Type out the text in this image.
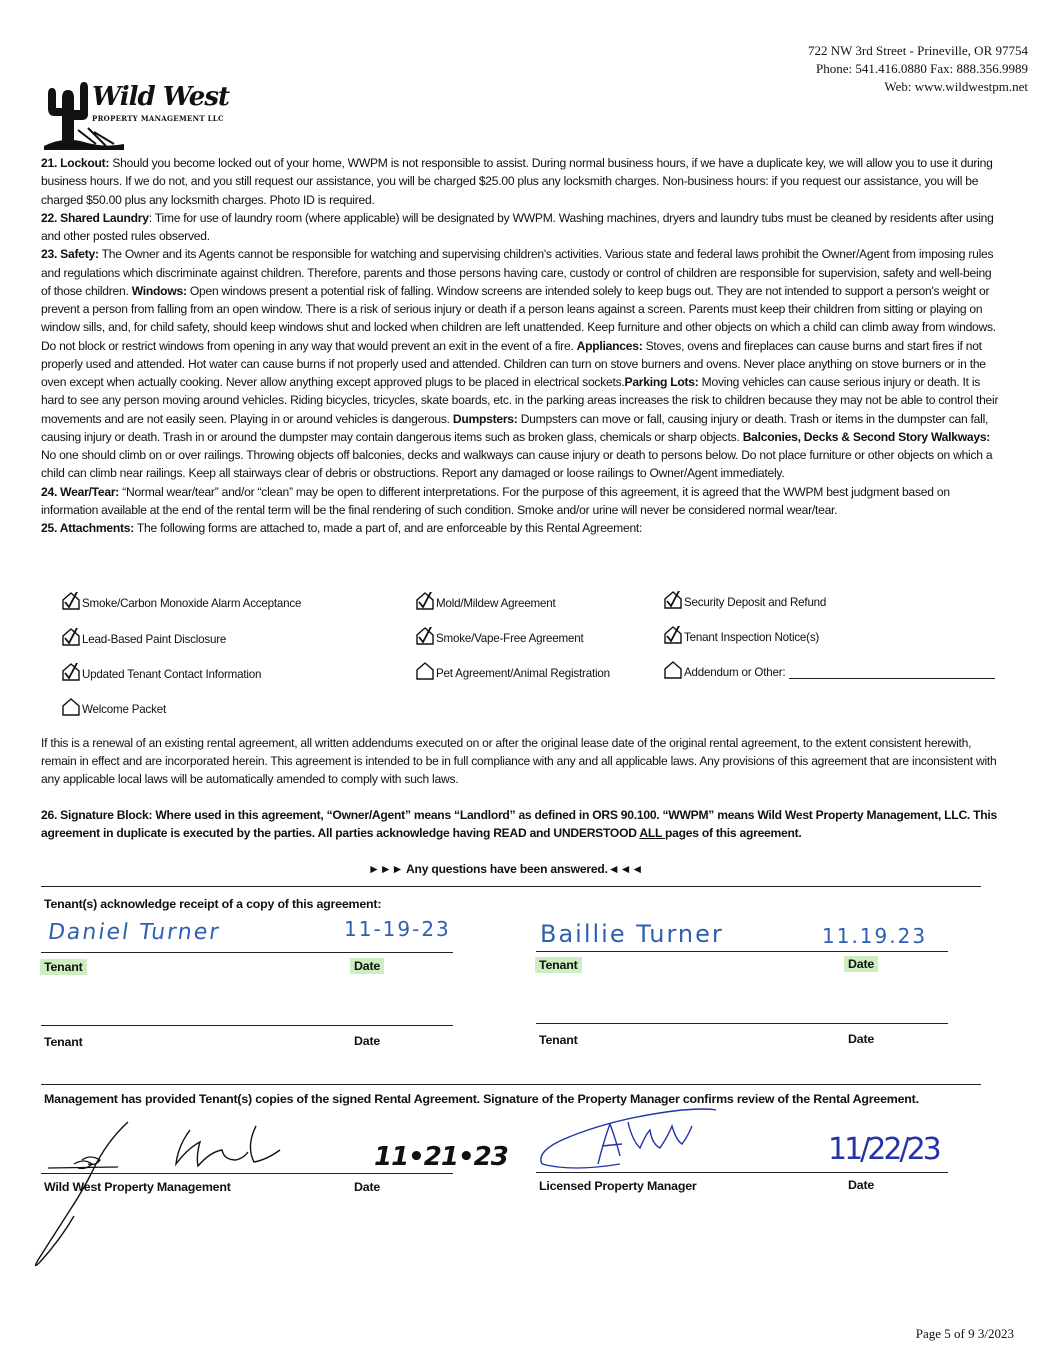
Wild West
PROPERTY MANAGEMENT LLC
722 NW 3rd Street - Prineville, OR 97754
Phone: 541.416.0880 Fax: 888.356.9989
Web: www.wildwestpm.net

21. Lockout: Should you become locked out of your home, WWPM is not responsible to assist. During normal business hours, if we have a duplicate key, we will allow you to use it during business hours. If we do not, and you still request our assistance, you will be charged $25.00 plus any locksmith charges. Non-business hours: if you request our assistance, you will be charged $50.00 plus any locksmith charges. Photo ID is required.

22. Shared Laundry: Time for use of laundry room (where applicable) will be designated by WWPM. Washing machines, dryers and laundry tubs must be cleaned by residents after using and other posted rules observed.

23. Safety: The Owner and its Agents cannot be responsible for watching and supervising children's activities. Various state and federal laws prohibit the Owner/Agent from imposing rules and regulations which discriminate against children. Therefore, parents and those persons having care, custody or control of children are responsible for supervision, safety and well-being of those children. Windows: Open windows present a potential risk of falling. Window screens are intended solely to keep bugs out. They are not intended to support a person's weight or prevent a person from falling from an open window. There is a risk of serious injury or death if a person leans against a screen. Parents must keep their children from sitting or playing on window sills, and, for child safety, should keep windows shut and locked when children are left unattended. Keep furniture and other objects on which a child can climb away from windows. Do not block or restrict windows from opening in any way that would prevent an exit in the event of a fire. Appliances: Stoves, ovens and fireplaces can cause burns and start fires if not properly used and attended. Hot water can cause burns if not properly used and attended. Children can turn on stove burners and ovens. Never place anything on stove burners or in the oven except when actually cooking. Never allow anything except approved plugs to be placed in electrical sockets.Parking Lots: Moving vehicles can cause serious injury or death. It is hard to see any person moving around vehicles. Riding bicycles, tricycles, skate boards, etc. in the parking areas increases the risk to children because they may not be able to control their movements and are not easily seen. Playing in or around vehicles is dangerous. Dumpsters: Dumpsters can move or fall, causing injury or death. Trash or items in the dumpster can fall, causing injury or death. Trash in or around the dumpster may contain dangerous items such as broken glass, chemicals or sharp objects. Balconies, Decks & Second Story Walkways: No one should climb on or over railings. Throwing objects off balconies, decks and walkways can cause injury or death to persons below. Do not place furniture or other objects on which a child can climb near railings. Keep all stairways clear of debris or obstructions. Report any damaged or loose railings to Owner/Agent immediately.

24. Wear/Tear: “Normal wear/tear” and/or “clean” may be open to different interpretations. For the purpose of this agreement, it is agreed that the WWPM best judgment based on information available at the end of the rental term will be the final rendering of such condition. Smoke and/or urine will never be considered normal wear/tear.

25. Attachments: The following forms are attached to, made a part of, and are enforceable by this Rental Agreement:

Smoke/Carbon Monoxide Alarm Acceptance	Mold/Mildew Agreement	Security Deposit and Refund
Lead-Based Paint Disclosure	Smoke/Vape-Free Agreement	Tenant Inspection Notice(s)
Updated Tenant Contact Information	Pet Agreement/Animal Registration	Addendum or Other:
Welcome Packet

If this is a renewal of an existing rental agreement, all written addendums executed on or after the original lease date of the original rental agreement, to the extent consistent herewith, remain in effect and are incorporated herein. This agreement is intended to be in full compliance with any and all applicable laws. Any provisions of this agreement that are inconsistent with any applicable local laws will be automatically amended to comply with such laws.

26. Signature Block: Where used in this agreement, “Owner/Agent” means “Landlord” as defined in ORS 90.100. “WWPM” means Wild West Property Management, LLC. This agreement in duplicate is executed by the parties. All parties acknowledge having READ and UNDERSTOOD ALL pages of this agreement.

►►► Any questions have been answered.◄◄◄
Tenant(s) acknowledge receipt of a copy of this agreement:
Daniel Turner	11-19-23
Tenant	Date
Baillie Turner	11.19.23
Tenant	Date
Tenant	Date	Tenant	Date
Management has provided Tenant(s) copies of the signed Rental Agreement. Signature of the Property Manager confirms review of the Rental Agreement.
11•21•23
Wild West Property Management	Date
11/22/23
Licensed Property Manager	Date
Page 5 of 9 3/2023
